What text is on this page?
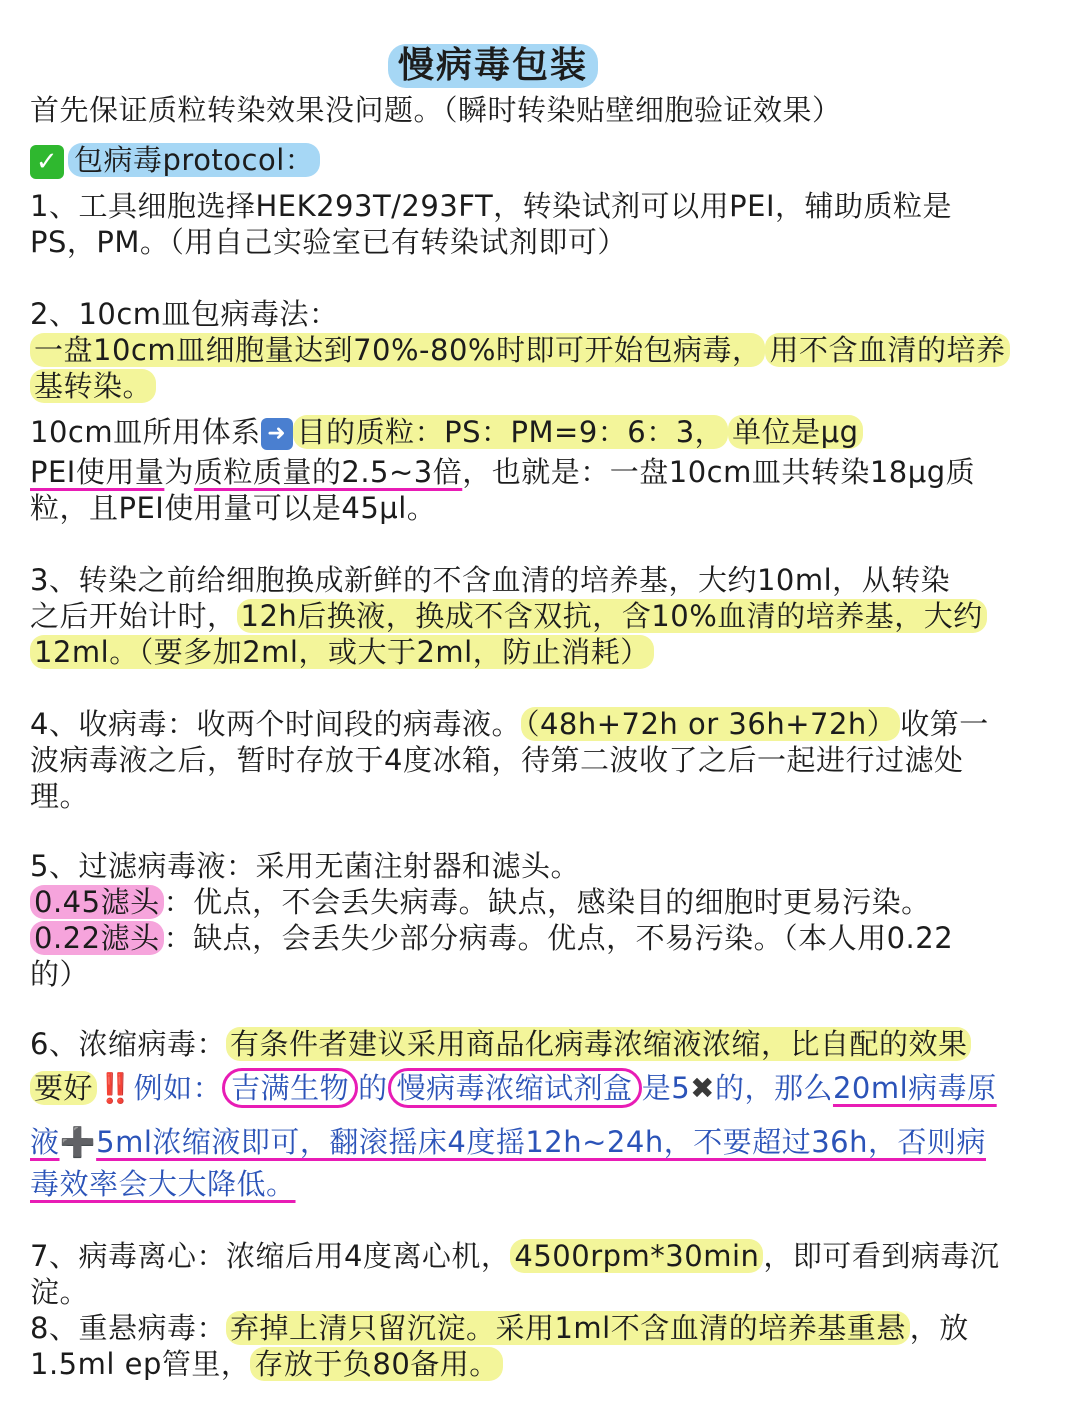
慢病毒包装
首先保证质粒转染效果没问题。（瞬时转染贴壁细胞验证效果）
✓ 包病毒protocol：
1、工具细胞选择HEK293T/293FT，转染试剂可以用PEI，辅助质粒是
PS，PM。（用自己实验室已有转染试剂即可）
2、10cm皿包病毒法：
一盘10cm皿细胞量达到70%-80%时即可开始包病毒， 用不含血清的培养
基转染。
10cm皿所用体系 ➜ 目的质粒：PS：PM=9：6：3， 单位是μg
PEI使用量为质粒质量的2.5~3倍，也就是：一盘10cm皿共转染18μg质
粒，且PEI使用量可以是45μl。
3、转染之前给细胞换成新鲜的不含血清的培养基，大约10ml，从转染
之后开始计时， 12h后换液，换成不含双抗，含10%血清的培养基，大约
12ml。（要多加2ml，或大于2ml，防止消耗）
4、收病毒：收两个时间段的病毒液。 （48h+72h or 36h+72h） 收第一
波病毒液之后，暂时存放于4度冰箱，待第二波收了之后一起进行过滤处
理。
5、过滤病毒液：采用无菌注射器和滤头。
0.45滤头 ：优点，不会丢失病毒。缺点，感染目的细胞时更易污染。
0.22滤头 ：缺点，会丢失少部分病毒。优点，不易污染。（本人用0.22
的）
6、浓缩病毒： 有条件者建议采用商品化病毒浓缩液浓缩，比自配的效果
要好 ‼️例如： 吉满生物 的 慢病毒浓缩试剂盒 是5✖的，那么20ml病毒原
液➕5ml浓缩液即可，翻滚摇床4度摇12h~24h，不要超过36h，否则病
毒效率会大大降低。
7、病毒离心：浓缩后用4度离心机， 4500rpm*30min ，即可看到病毒沉
淀。
8、重悬病毒： 弃掉上清只留沉淀。采用1ml不含血清的培养基重悬 ，放
1.5ml ep管里， 存放于负80备用。
